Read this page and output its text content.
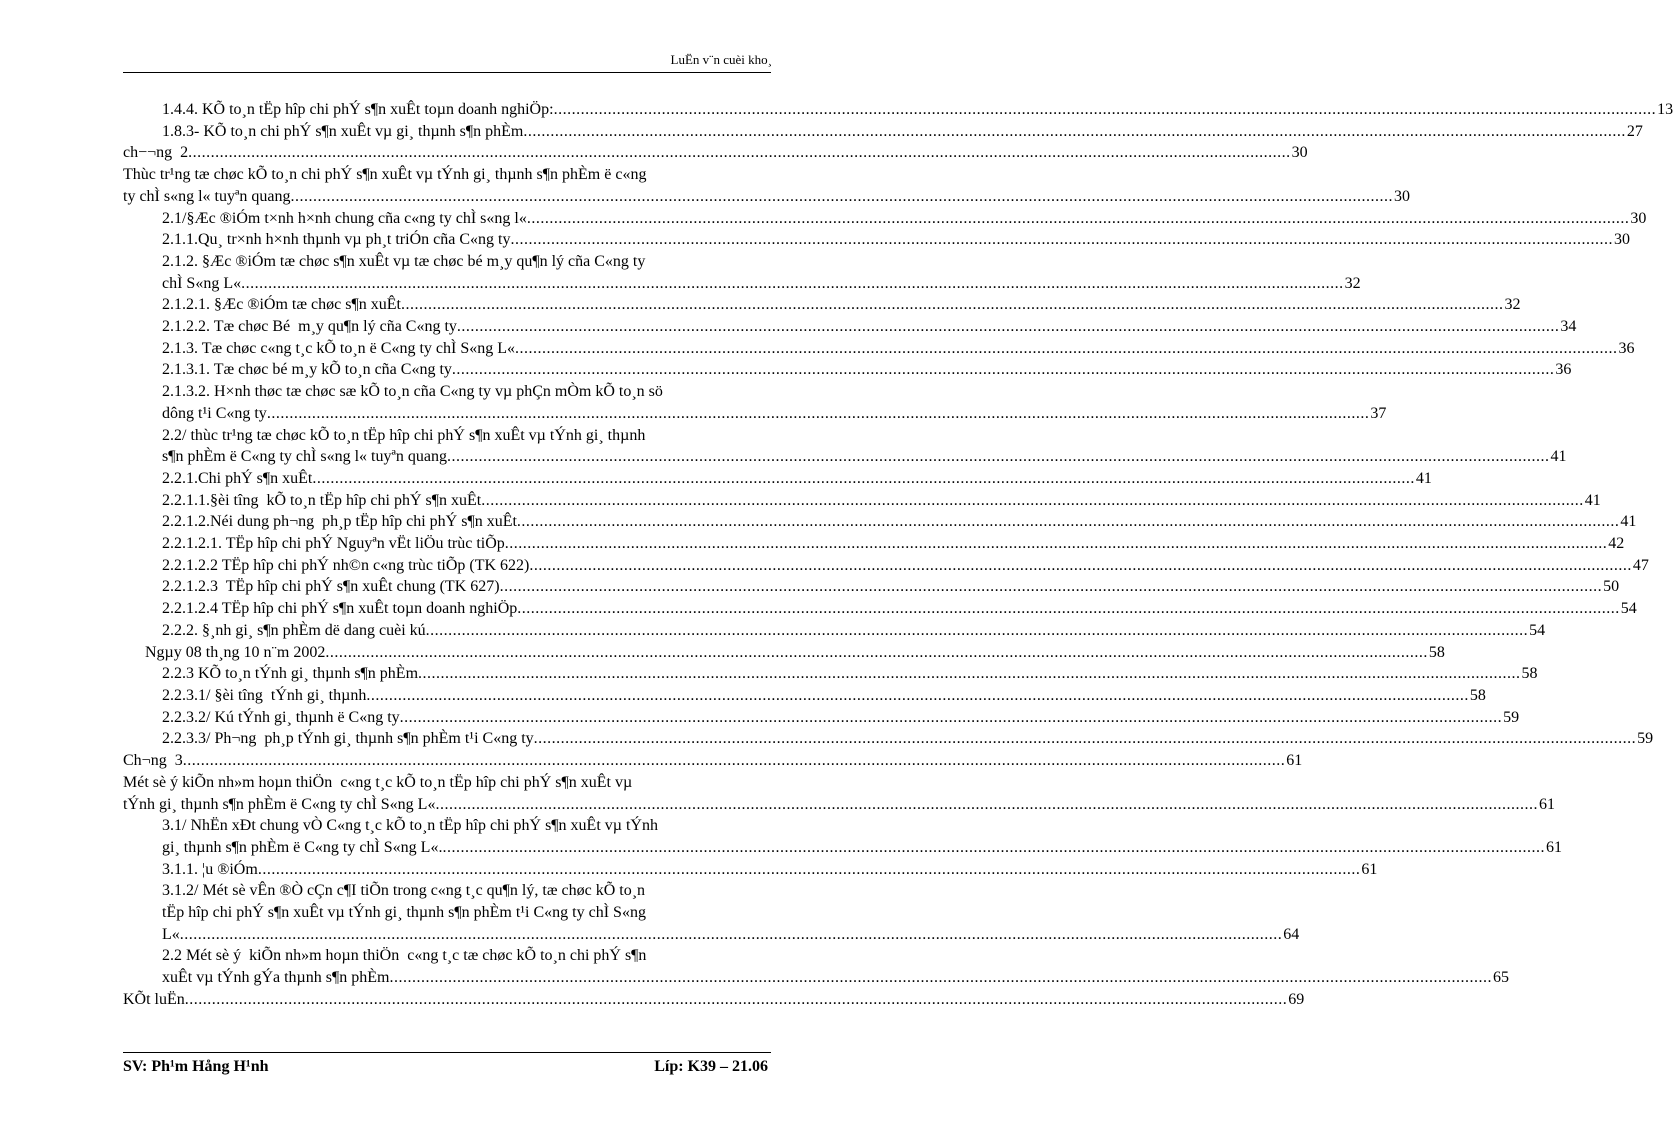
LuËn v¨n cuèi kho¸
1.4.4. KÕ to¸n tËp hîp chi phÝ s¶n xuÊt toµn doanh nghiÖp: .....	13
1.8.3- KÕ to¸n chi phÝ s¶n xuÊt vµ gi¸ thµnh s¶n phÈm .....	27
ch−¬ng  2 .....	30
Thùc tr¹ng tæ chøc kÕ to¸n chi phÝ s¶n xuÊt vµ tÝnh gi¸ thµnh s¶n phÈm ë c«ng
ty chÌ s«ng l« tuyªn quang .....	30
2.1/§Æc ®iÓm t×nh h×nh chung cña c«ng ty chÌ s«ng l« .....	30
2.1.1.Qu¸ tr×nh h×nh thµnh vµ ph¸t triÓn cña C«ng ty .....	30
2.1.2. §Æc ®iÓm tæ chøc s¶n xuÊt vµ tæ chøc bé m¸y qu¶n lý cña C«ng ty
chÌ S«ng L« .....	32
2.1.2.1. §Æc ®iÓm tæ chøc s¶n xuÊt .....	32
2.1.2.2. Tæ chøc Bé  m¸y qu¶n lý cña C«ng ty .....	34
2.1.3. Tæ chøc c«ng t¸c kÕ to¸n ë C«ng ty chÌ S«ng L« .....	36
2.1.3.1. Tæ chøc bé m¸y kÕ to¸n cña C«ng ty .....	36
2.1.3.2. H×nh thøc tæ chøc sæ kÕ to¸n cña C«ng ty vµ phÇn mÒm kÕ to¸n sö
dông t¹i C«ng ty .....	37
2.2/ thùc tr¹ng tæ chøc kÕ to¸n tËp hîp chi phÝ s¶n xuÊt vµ tÝnh gi¸ thµnh
s¶n phÈm ë C«ng ty chÌ s«ng l« tuyªn quang .....	41
2.2.1.Chi phÝ s¶n xuÊt .....	41
2.2.1.1.§èi tîng  kÕ to¸n tËp hîp chi phÝ s¶n xuÊt .....	41
2.2.1.2.Néi dung ph¬ng  ph¸p tËp hîp chi phÝ s¶n xuÊt .....	41
2.2.1.2.1. TËp hîp chi phÝ Nguyªn vËt liÖu trùc tiÕp .....	42
2.2.1.2.2 TËp hîp chi phÝ nh©n c«ng trùc tiÕp (TK 622) .....	47
2.2.1.2.3  TËp hîp chi phÝ s¶n xuÊt chung (TK 627) .....	50
2.2.1.2.4 TËp hîp chi phÝ s¶n xuÊt toµn doanh nghiÖp .....	54
2.2.2. §¸nh gi¸ s¶n phÈm dë dang cuèi kú .....	54
Ngµy 08 th¸ng 10 n¨m 2002 .....	58
2.2.3 KÕ to¸n tÝnh gi¸ thµnh s¶n phÈm .....	58
2.2.3.1/ §èi tîng  tÝnh gi¸ thµnh .....	58
2.2.3.2/ Kú tÝnh gi¸ thµnh ë C«ng ty .....	59
2.2.3.3/ Ph¬ng  ph¸p tÝnh gi¸ thµnh s¶n phÈm t¹i C«ng ty .....	59
Ch¬ng  3 .....	61
Mét sè ý kiÕn nh»m hoµn thiÖn  c«ng t¸c kÕ to¸n tËp hîp chi phÝ s¶n xuÊt vµ
tÝnh gi¸ thµnh s¶n phÈm ë C«ng ty chÌ S«ng L« .....	61
3.1/ NhËn xÐt chung vÒ C«ng t¸c kÕ to¸n tËp hîp chi phÝ s¶n xuÊt vµ tÝnh
gi¸ thµnh s¶n phÈm ë C«ng ty chÌ S«ng L«. .....	61
3.1.1. ¦u ®iÓm .....	61
3.1.2/ Mét sè vÊn ®Ò cÇn c¶I tiÕn trong c«ng t¸c qu¶n lý, tæ chøc kÕ to¸n
tËp hîp chi phÝ s¶n xuÊt vµ tÝnh gi¸ thµnh s¶n phÈm t¹i C«ng ty chÌ S«ng
L« .....	64
2.2 Mét sè ý  kiÕn nh»m hoµn thiÖn  c«ng t¸c tæ chøc kÕ to¸n chi phÝ s¶n
xuÊt vµ tÝnh gÝa thµnh s¶n phÈm .....	65
KÕt luËn .....	69
SV: Ph¹m Hång H¹nh	Líp: K39 – 21.06
